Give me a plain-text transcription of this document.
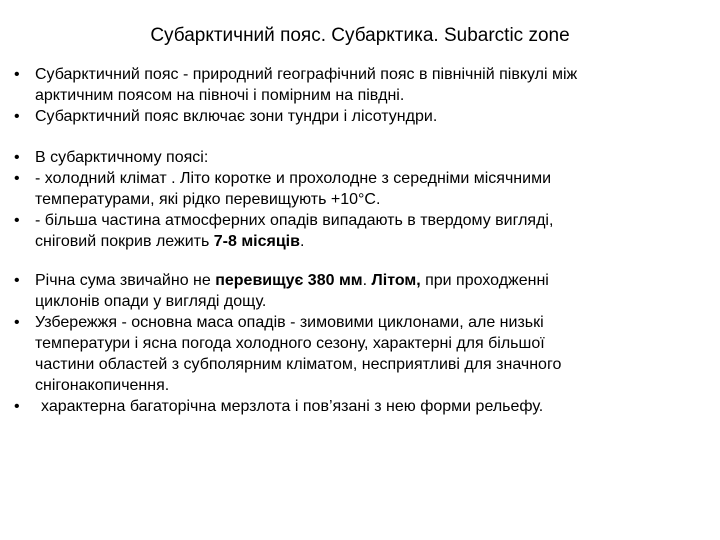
Субарктичний пояс. Субарктика. Subarctic zone
• Субарктичний пояс - природний географічний пояс в північній півкулі між
арктичним поясом на півночі і помірним на півдні.
• Субарктичний пояс включає зони тундри і лісотундри.
• В субарктичному поясі:
• - холодний клімат . Літо коротке и прохолодне з середніми місячними
температурами, які рідко перевищують +10°С.
• - більша частина атмосферних опадів випадають в твердому вигляді,
сніговий покрив лежить 7-8 місяців.
• Річна сума звичайно не перевищує 380 мм. Літом, при проходженні
циклонів опади у вигляді дощу.
• Узбережжя - основна маса опадів - зимовими циклонами, але низькі
температури і ясна погода холодного сезону, характерні для більшої
частини областей з субполярним кліматом, несприятливі для значного
снігонакопичення.
•	характерна багаторічна мерзлота і пов’язані з нею форми рельефу.
